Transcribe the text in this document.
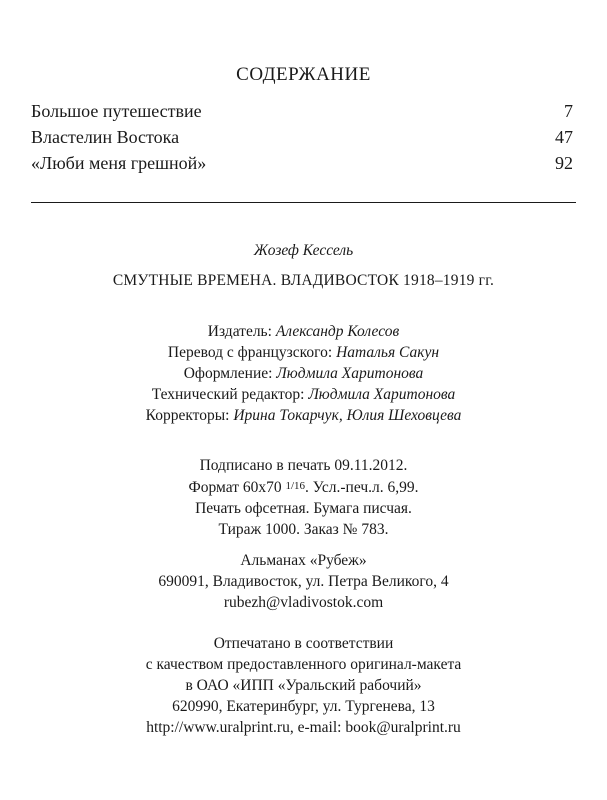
СОДЕРЖАНИЕ
Большое путешествие	7
Властелин Востока	47
«Люби меня грешной»	92

Жозеф Кессель

СМУТНЫЕ ВРЕМЕНА. ВЛАДИВОСТОК 1918–1919 гг.

Издатель: Александр Колесов

Перевод с французского: Наталья Сакун

Оформление: Людмила Харитонова

Технический редактор: Людмила Харитонова

Корректоры: Ирина Токарчук, Юлия Шеховцева

Подписано в печать 09.11.2012.

Формат 60х70 1/16. Усл.-печ.л. 6,99.

Печать офсетная. Бумага писчая.

Тираж 1000. Заказ № 783.

Альманах «Рубеж»

690091, Владивосток, ул. Петра Великого, 4

rubezh@vladivostok.com

Отпечатано в соответствии

с качеством предоставленного оригинал-макета

в ОАО «ИПП «Уральский рабочий»

620990, Екатеринбург, ул. Тургенева, 13

http://www.uralprint.ru, e-mail: book@uralprint.ru
